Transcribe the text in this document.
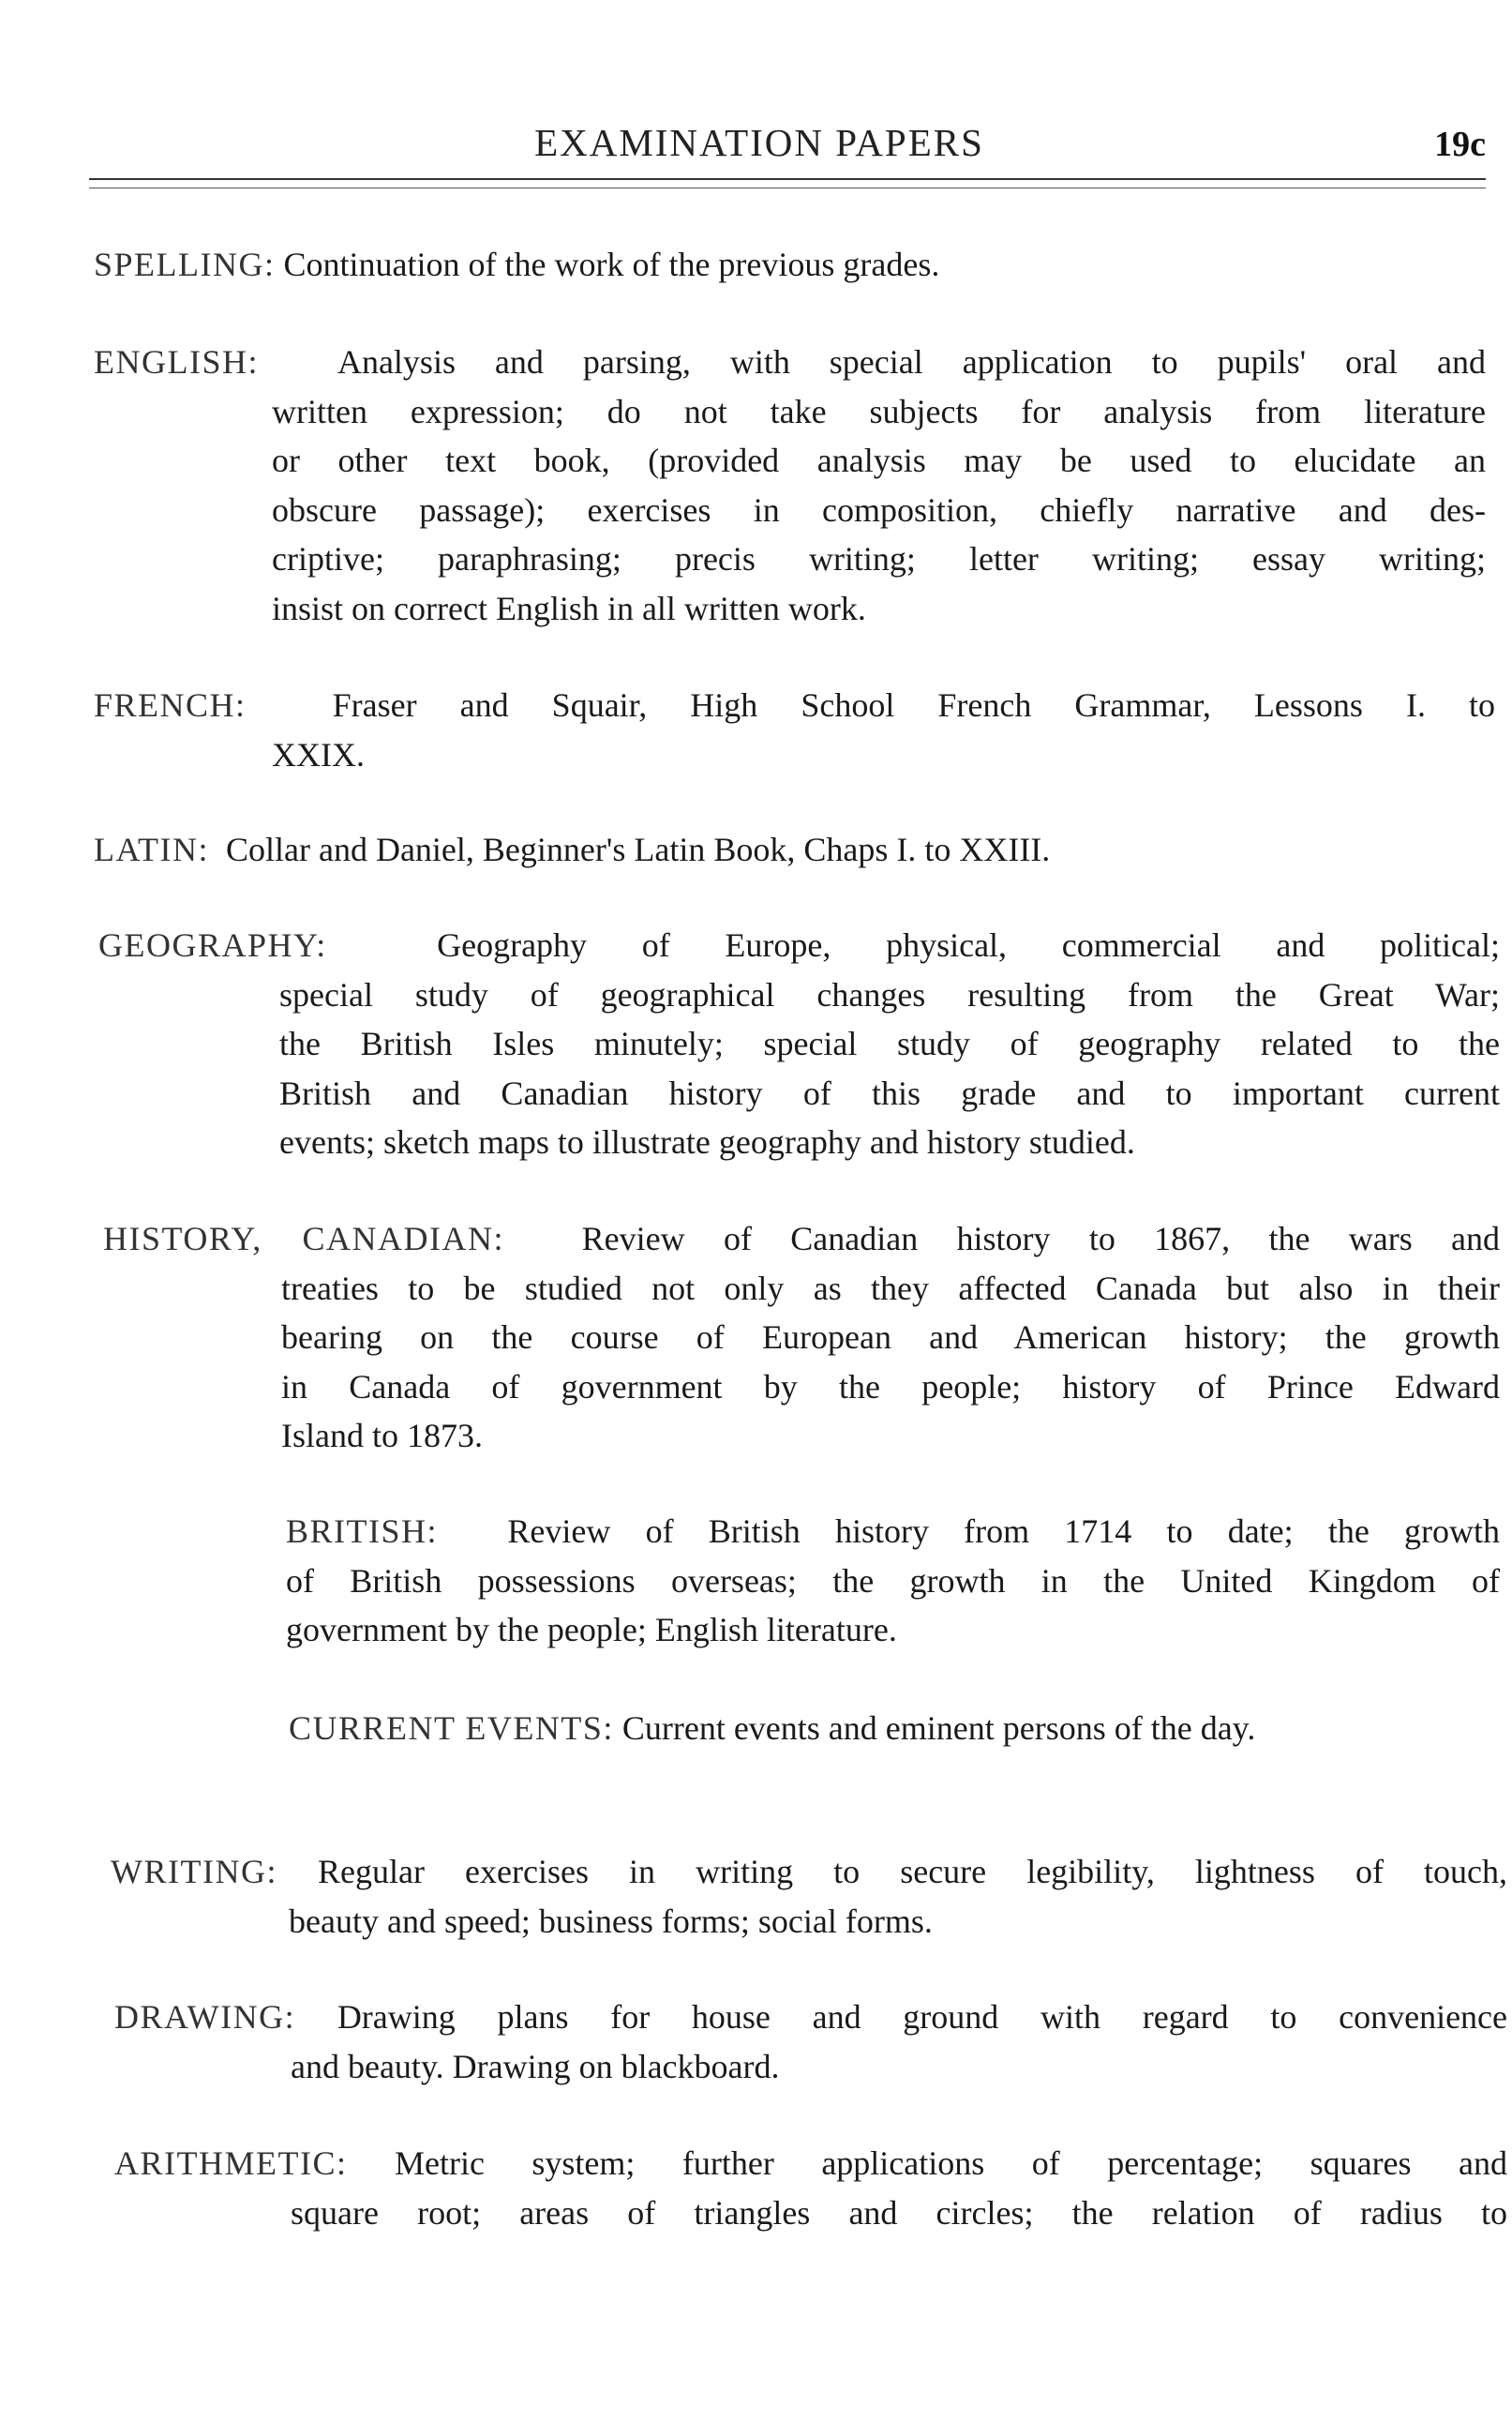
EXAMINATION PAPERS	19c
SPELLING: Continuation of the work of the previous grades.
ENGLISH: Analysis and parsing, with special application to pupils' oral and
written expression; do not take subjects for analysis from literature
or other text book, (provided analysis may be used to elucidate an
obscure passage); exercises in composition, chiefly narrative and des-
criptive; paraphrasing; precis writing; letter writing; essay writing;
insist on correct English in all written work.
FRENCH:	Fraser and Squair, High School French Grammar, Lessons I. to
XXIX.
LATIN: Collar and Daniel, Beginner's Latin Book, Chaps I. to XXIII.
GEOGRAPHY:	Geography of Europe, physical, commercial and political;
special study of geographical changes resulting from the Great War;
the British Isles minutely; special study of geography related to the
British and Canadian history of this grade and to important current
events; sketch maps to illustrate geography and history studied.
HISTORY, CANADIAN: Review of Canadian history to 1867, the wars and
treaties to be studied not only as they affected Canada but also in their
bearing on the course of European and American history; the growth
in Canada of government by the people; history of Prince Edward
Island to 1873.
BRITISH: Review of British history from 1714 to date; the growth
of British possessions overseas; the growth in the United Kingdom of
government by the people; English literature.
CURRENT EVENTS: Current events and eminent persons of the day.
WRITING: Regular exercises in writing to secure legibility, lightness of touch,
beauty and speed; business forms; social forms.
DRAWING: Drawing plans for house and ground with regard to convenience
and beauty. Drawing on blackboard.
ARITHMETIC: Metric system; further applications of percentage; squares and
square root; areas of triangles and circles; the relation of radius to
